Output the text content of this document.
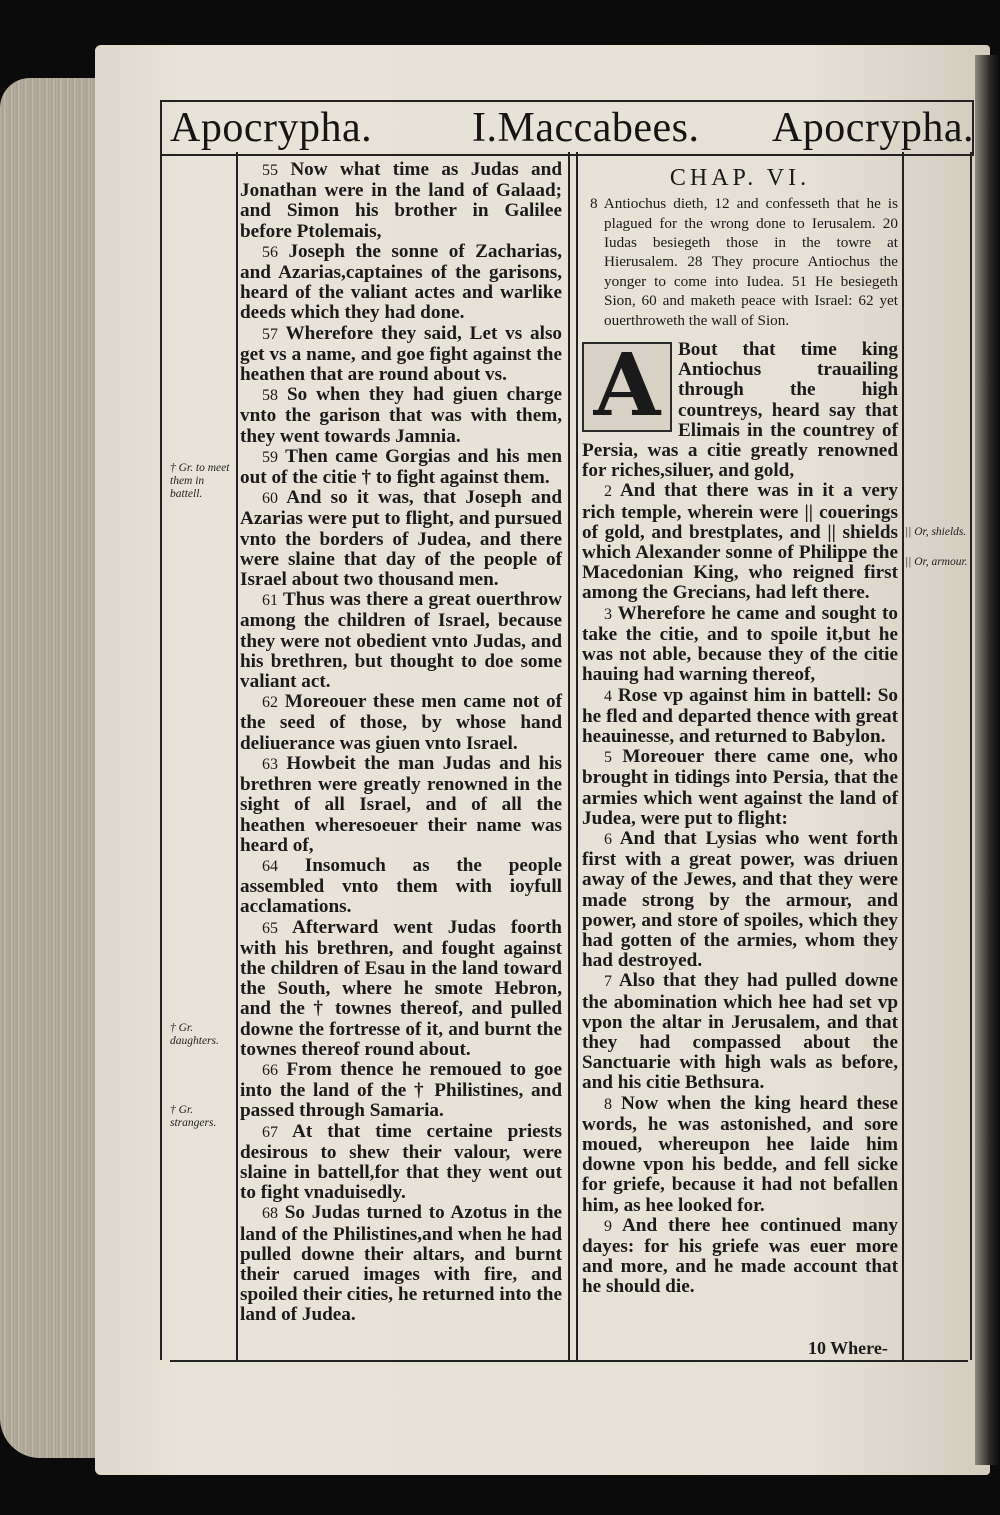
Apocrypha. I.Maccabees. Apocrypha.
† Gr. to meet them in battell.
† Gr. daughters.
† Gr. strangers.
|| Or, shields.
|| Or, armour.

55 Now what time as Judas and Jonathan were in the land of Galaad; and Simon his brother in Galilee before Ptolemais,

56 Joseph the sonne of Zacharias, and Azarias,captaines of the garisons, heard of the valiant actes and warlike deeds which they had done.

57 Wherefore they said, Let vs also get vs a name, and goe fight against the heathen that are round about vs.

58 So when they had giuen charge vnto the garison that was with them, they went towards Jamnia.

59 Then came Gorgias and his men out of the citie † to fight against them.

60 And so it was, that Joseph and Azarias were put to flight, and pursued vnto the borders of Judea, and there were slaine that day of the people of Israel about two thousand men.

61 Thus was there a great ouerthrow among the children of Israel, because they were not obedient vnto Judas, and his brethren, but thought to doe some valiant act.

62 Moreouer these men came not of the seed of those, by whose hand deliuerance was giuen vnto Israel.

63 Howbeit the man Judas and his brethren were greatly renowned in the sight of all Israel, and of all the heathen wheresoeuer their name was heard of,

64 Insomuch as the people assembled vnto them with ioyfull acclamations.

65 Afterward went Judas foorth with his brethren, and fought against the children of Esau in the land toward the South, where he smote Hebron, and the † townes thereof, and pulled downe the fortresse of it, and burnt the townes thereof round about.

66 From thence he remoued to goe into the land of the † Philistines, and passed through Samaria.

67 At that time certaine priests desirous to shew their valour, were slaine in battell,for that they went out to fight vnaduisedly.

68 So Judas turned to Azotus in the land of the Philistines,and when he had pulled downe their altars, and burnt their carued images with fire, and spoiled their cities, he returned into the land of Judea.

CHAP. VI.
8 Antiochus dieth, 12 and confesseth that he is plagued for the wrong done to Ierusalem. 20 Iudas besiegeth those in the towre at Hierusalem. 28 They procure Antiochus the yonger to come into Iudea. 51 He besiegeth Sion, 60 and maketh peace with Israel: 62 yet ouerthroweth the wall of Sion.

A Bout that time king Antiochus trauailing through the high countreys, heard say that Elimais in the countrey of Persia, was a citie greatly renowned for riches,siluer, and gold,

2 And that there was in it a very rich temple, wherein were || couerings of gold, and brestplates, and || shields which Alexander sonne of Philippe the Macedonian King, who reigned first among the Grecians, had left there.

3 Wherefore he came and sought to take the citie, and to spoile it,but he was not able, because they of the citie hauing had warning thereof,

4 Rose vp against him in battell: So he fled and departed thence with great heauinesse, and returned to Babylon.

5 Moreouer there came one, who brought in tidings into Persia, that the armies which went against the land of Judea, were put to flight:

6 And that Lysias who went forth first with a great power, was driuen away of the Jewes, and that they were made strong by the armour, and power, and store of spoiles, which they had gotten of the armies, whom they had destroyed.

7 Also that they had pulled downe the abomination which hee had set vp vpon the altar in Jerusalem, and that they had compassed about the Sanctuarie with high wals as before, and his citie Bethsura.

8 Now when the king heard these words, he was astonished, and sore moued, whereupon hee laide him downe vpon his bedde, and fell sicke for griefe, because it had not befallen him, as hee looked for.

9 And there hee continued many dayes: for his griefe was euer more and more, and he made account that he should die.

10 Where-
